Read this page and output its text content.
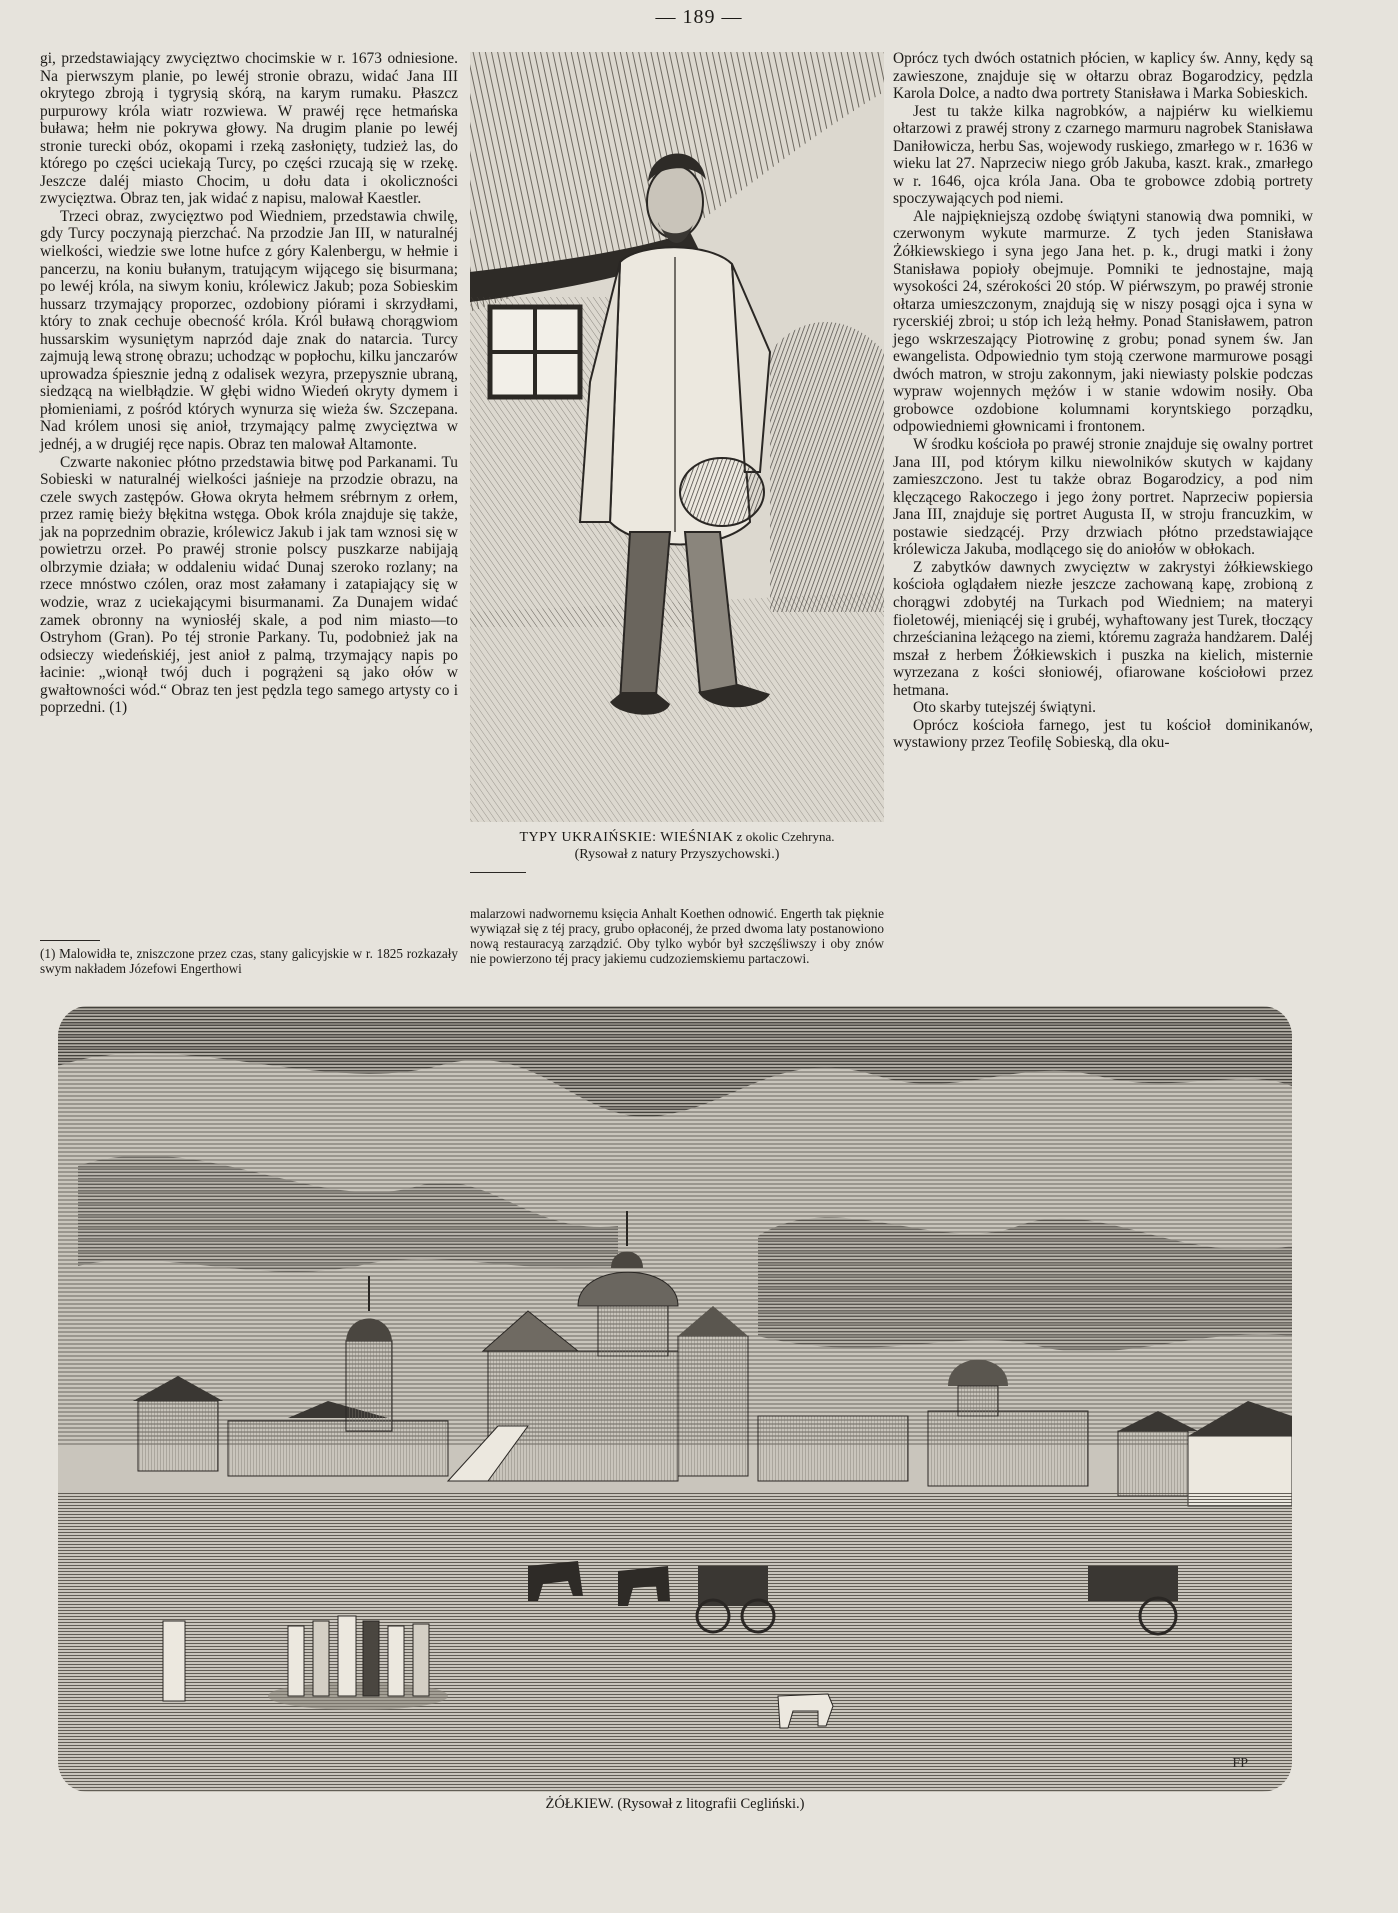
— 189 —

gi, przedstawiający zwycięztwo chocimskie w r. 1673 odniesione. Na pierwszym planie, po lewéj stronie obrazu, widać Jana III okrytego zbroją i tygrysią skórą, na karym rumaku. Płaszcz purpurowy króla wiatr rozwiewa. W prawéj ręce hetmańska buława; hełm nie pokrywa głowy. Na drugim planie po lewéj stronie turecki obóz, okopami i rzeką zasłonięty, tudzież las, do którego po części uciekają Turcy, po części rzucają się w rzekę. Jeszcze daléj miasto Chocim, u dołu data i okoliczności zwycięztwa. Obraz ten, jak widać z napisu, malował Kaestler.

Trzeci obraz, zwycięztwo pod Wiedniem, przedstawia chwilę, gdy Turcy poczynają pierzchać. Na przodzie Jan III, w naturalnéj wielkości, wiedzie swe lotne hufce z góry Kalenbergu, w hełmie i pancerzu, na koniu bułanym, tratującym wijącego się bisurmana; po lewéj króla, na siwym koniu, królewicz Jakub; poza Sobieskim hussarz trzymający proporzec, ozdobiony piórami i skrzydłami, który to znak cechuje obecność króla. Król buławą chorągwiom hussarskim wysuniętym naprzód daje znak do natarcia. Turcy zajmują lewą stronę obrazu; uchodząc w popłochu, kilku janczarów uprowadza śpiesznie jedną z odalisek wezyra, przepysznie ubraną, siedzącą na wielbłądzie. W głębi widno Wiedeń okryty dymem i płomieniami, z pośród których wynurza się wieża św. Szczepana. Nad królem unosi się anioł, trzymający palmę zwycięztwa w jednéj, a w drugiéj ręce napis. Obraz ten malował Altamonte.

Czwarte nakoniec płótno przedstawia bitwę pod Parkanami. Tu Sobieski w naturalnéj wielkości jaśnieje na przodzie obrazu, na czele swych zastępów. Głowa okryta hełmem srébrnym z orłem, przez ramię bieży błękitna wstęga. Obok króla znajduje się także, jak na poprzednim obrazie, królewicz Jakub i jak tam wznosi się w powietrzu orzeł. Po prawéj stronie polscy puszkarze nabijają olbrzymie działa; w oddaleniu widać Dunaj szeroko rozlany; na rzece mnóstwo czólen, oraz most załamany i zatapiający się w wodzie, wraz z uciekającymi bisurmanami. Za Dunajem widać zamek obronny na wyniosłéj skale, a pod nim miasto—to Ostryhom (Gran). Po téj stronie Parkany. Tu, podobnież jak na odsieczy wiedeńskiéj, jest anioł z palmą, trzymający napis po łacinie: „wionął twój duch i pogrążeni są jako ołów w gwałtowności wód.“ Obraz ten jest pędzla tego samego artysty co i poprzedni. (1)

(1) Malowidła te, zniszczone przez czas, stany galicyjskie w r. 1825 rozkazały swym nakładem Józefowi Engerthowi
TYPY UKRAIŃSKIE: WIEŚNIAK z okolic Czehryna.
(Rysował z natury Przyszychowski.)
malarzowi nadwornemu księcia Anhalt Koethen odnowić. Engerth tak pięknie wywiązał się z téj pracy, grubo opłaconéj, że przed dwoma laty postanowiono nową restauracyą zarządzić. Oby tylko wybór był szczęśliwszy i oby znów nie powierzono téj pracy jakiemu cudzoziemskiemu partaczowi.

Oprócz tych dwóch ostatnich płócien, w kaplicy św. Anny, kędy są zawieszone, znajduje się w ołtarzu obraz Bogarodzicy, pędzla Karola Dolce, a nadto dwa portrety Stanisława i Marka Sobieskich.

Jest tu także kilka nagrobków, a najpiérw ku wielkiemu ołtarzowi z prawéj strony z czarnego marmuru nagrobek Stanisława Daniłowicza, herbu Sas, wojewody ruskiego, zmarłego w r. 1636 w wieku lat 27. Naprzeciw niego grób Jakuba, kaszt. krak., zmarłego w r. 1646, ojca króla Jana. Oba te grobowce zdobią portrety spoczywających pod niemi.

Ale najpiękniejszą ozdobę świątyni stanowią dwa pomniki, w czerwonym wykute marmurze. Z tych jeden Stanisława Żółkiewskiego i syna jego Jana het. p. k., drugi matki i żony Stanisława popioły obejmuje. Pomniki te jednostajne, mają wysokości 24, szérokości 20 stóp. W piérwszym, po prawéj stronie ołtarza umieszczonym, znajdują się w niszy posągi ojca i syna w rycerskiéj zbroi; u stóp ich leżą hełmy. Ponad Stanisławem, patron jego wskrzeszający Piotrowinę z grobu; ponad synem św. Jan ewangelista. Odpowiednio tym stoją czerwone marmurowe posągi dwóch matron, w stroju zakonnym, jaki niewiasty polskie podczas wypraw wojennych mężów i w stanie wdowim nosiły. Oba grobowce ozdobione kolumnami koryntskiego porządku, odpowiedniemi głownicami i frontonem.

W środku kościoła po prawéj stronie znajduje się owalny portret Jana III, pod którym kilku niewolników skutych w kajdany zamieszczono. Jest tu także obraz Bogarodzicy, a pod nim klęczącego Rakoczego i jego żony portret. Naprzeciw popiersia Jana III, znajduje się portret Augusta II, w stroju francuzkim, w postawie siedzącéj. Przy drzwiach płótno przedstawiające królewicza Jakuba, modlącego się do aniołów w obłokach.

Z zabytków dawnych zwycięztw w zakrystyi żółkiewskiego kościoła oglądałem niezłe jeszcze zachowaną kapę, zrobioną z chorągwi zdobytéj na Turkach pod Wiedniem; na materyi fioletowéj, mieniącéj się i grubéj, wyhaftowany jest Turek, tłoczący chrześcianina leżącego na ziemi, któremu zagraża handżarem. Daléj mszał z herbem Żółkiewskich i puszka na kielich, misternie wyrzezana z kości słoniowéj, ofiarowane kościołowi przez hetmana.

Oto skarby tutejszéj świątyni.

Oprócz kościoła farnego, jest tu kościoł dominikanów, wystawiony przez Teofilę Sobieską, dla oku-

FP
ŻÓŁKIEW. (Rysował z litografii Cegliński.)
